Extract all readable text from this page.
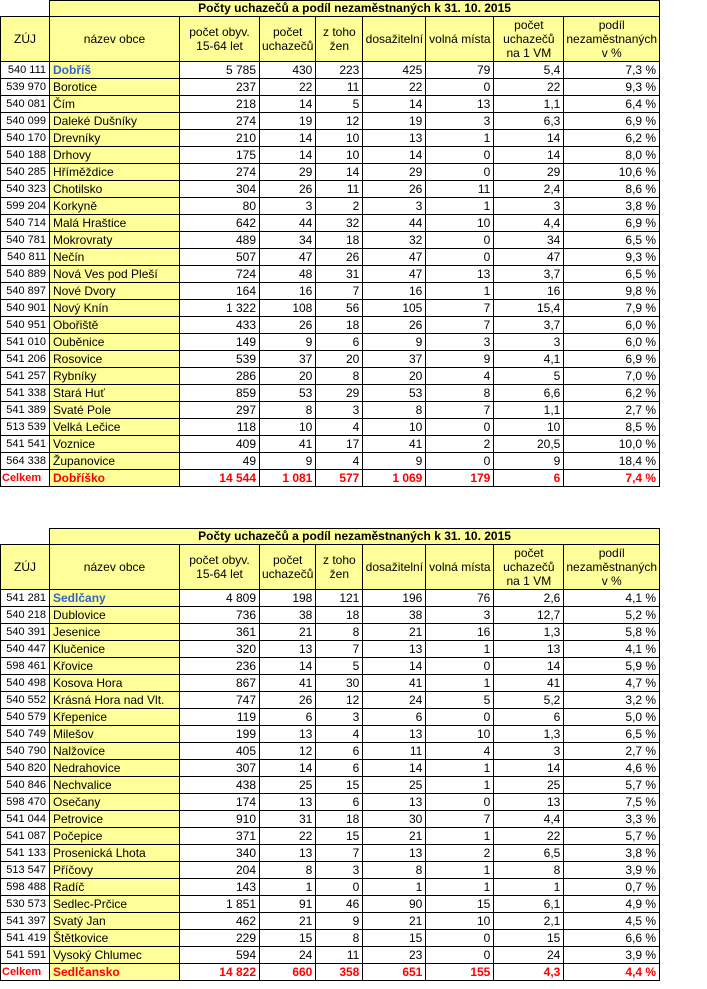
	Počty uchazečů a podíl nezaměstnaných k 31. 10. 2015							
ZÚJ	název obce	počet obyv. 15-64 let	počet uchazečů	z toho žen	dosažitelní	volná místa	počet uchazečů na 1 VM	podíl nezaměstnaných v %
540 111	Dobříš	5 785	430	223	425	79	5,4	7,3 %
539 970	Borotice	237	22	11	22	0	22	9,3 %
540 081	Čím	218	14	5	14	13	1,1	6,4 %
540 099	Daleké Dušníky	274	19	12	19	3	6,3	6,9 %
540 170	Drevníky	210	14	10	13	1	14	6,2 %
540 188	Drhovy	175	14	10	14	0	14	8,0 %
540 285	Hříměždice	274	29	14	29	0	29	10,6 %
540 323	Chotilsko	304	26	11	26	11	2,4	8,6 %
599 204	Korkyně	80	3	2	3	1	3	3,8 %
540 714	Malá Hraštice	642	44	32	44	10	4,4	6,9 %
540 781	Mokrovraty	489	34	18	32	0	34	6,5 %
540 811	Nečín	507	47	26	47	0	47	9,3 %
540 889	Nová Ves pod Pleší	724	48	31	47	13	3,7	6,5 %
540 897	Nové Dvory	164	16	7	16	1	16	9,8 %
540 901	Nový Knín	1 322	108	56	105	7	15,4	7,9 %
540 951	Obořiště	433	26	18	26	7	3,7	6,0 %
541 010	Ouběnice	149	9	6	9	3	3	6,0 %
541 206	Rosovice	539	37	20	37	9	4,1	6,9 %
541 257	Rybníky	286	20	8	20	4	5	7,0 %
541 338	Stará Huť	859	53	29	53	8	6,6	6,2 %
541 389	Svaté Pole	297	8	3	8	7	1,1	2,7 %
513 539	Velká Lečice	118	10	4	10	0	10	8,5 %
541 541	Voznice	409	41	17	41	2	20,5	10,0 %
564 338	Županovice	49	9	4	9	0	9	18,4 %
Celkem	Dobříško	14 544	1 081	577	1 069	179	6	7,4 %
	Počty uchazečů a podíl nezaměstnaných k 31. 10. 2015							
ZÚJ	název obce	počet obyv. 15-64 let	počet uchazečů	z toho žen	dosažitelní	volná místa	počet uchazečů na 1 VM	podíl nezaměstnaných v %
541 281	Sedlčany	4 809	198	121	196	76	2,6	4,1 %
540 218	Dublovice	736	38	18	38	3	12,7	5,2 %
540 391	Jesenice	361	21	8	21	16	1,3	5,8 %
540 447	Klučenice	320	13	7	13	1	13	4,1 %
598 461	Křovice	236	14	5	14	0	14	5,9 %
540 498	Kosova Hora	867	41	30	41	1	41	4,7 %
540 552	Krásná Hora nad Vlt.	747	26	12	24	5	5,2	3,2 %
540 579	Křepenice	119	6	3	6	0	6	5,0 %
540 749	Milešov	199	13	4	13	10	1,3	6,5 %
540 790	Nalžovice	405	12	6	11	4	3	2,7 %
540 820	Nedrahovice	307	14	6	14	1	14	4,6 %
540 846	Nechvalice	438	25	15	25	1	25	5,7 %
598 470	Osečany	174	13	6	13	0	13	7,5 %
541 044	Petrovice	910	31	18	30	7	4,4	3,3 %
541 087	Počepice	371	22	15	21	1	22	5,7 %
541 133	Prosenická Lhota	340	13	7	13	2	6,5	3,8 %
513 547	Příčovy	204	8	3	8	1	8	3,9 %
598 488	Radíč	143	1	0	1	1	1	0,7 %
530 573	Sedlec-Prčice	1 851	91	46	90	15	6,1	4,9 %
541 397	Svatý Jan	462	21	9	21	10	2,1	4,5 %
541 419	Štětkovice	229	15	8	15	0	15	6,6 %
541 591	Vysoký Chlumec	594	24	11	23	0	24	3,9 %
Celkem	Sedlčansko	14 822	660	358	651	155	4,3	4,4 %
